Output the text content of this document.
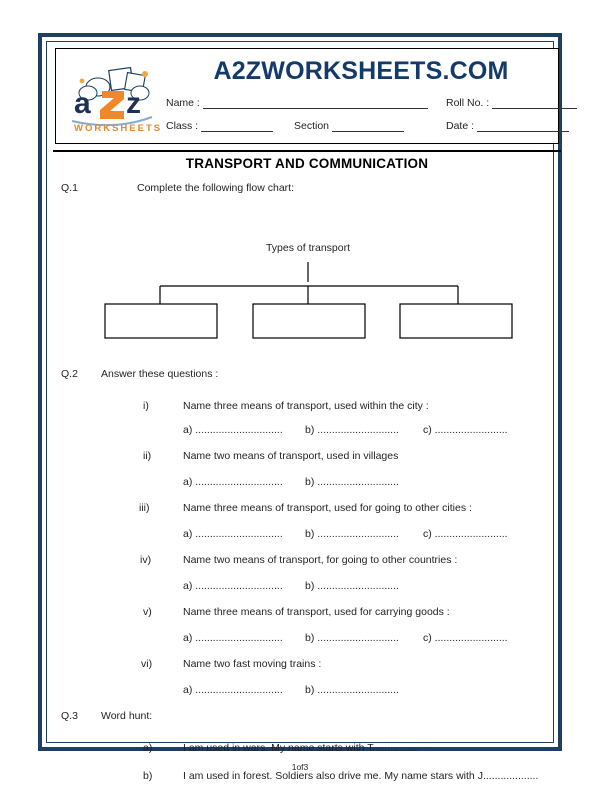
a z
WORKSHEETS
A2ZWORKSHEETS.COM
Name :	Roll No. :
Class :	Section	Date :
TRANSPORT AND COMMUNICATION
Q.1	Complete the following flow chart:
Types of transport
Q.2 Answer these questions :
i)	Name three means of transport, used within the city :
a) .............................. b) ............................ c) .........................
ii)	Name two means of transport, used in villages
a) .............................. b) ............................
iii)	Name three means of transport, used for going to other cities :
a) .............................. b) ............................ c) .........................
iv)	Name two means of transport, for going to other countries :
a) .............................. b) ............................
v)	Name three means of transport, used for carrying goods :
a) .............................. b) ............................ c) .........................
vi)	Name two fast moving trains :
a) .............................. b) ............................
Q.3 Word hunt:
a)	I am used in wars. My name starts with T................
b)	I am used in forest. Soldiers also drive me. My name stars with J...................
1of3
